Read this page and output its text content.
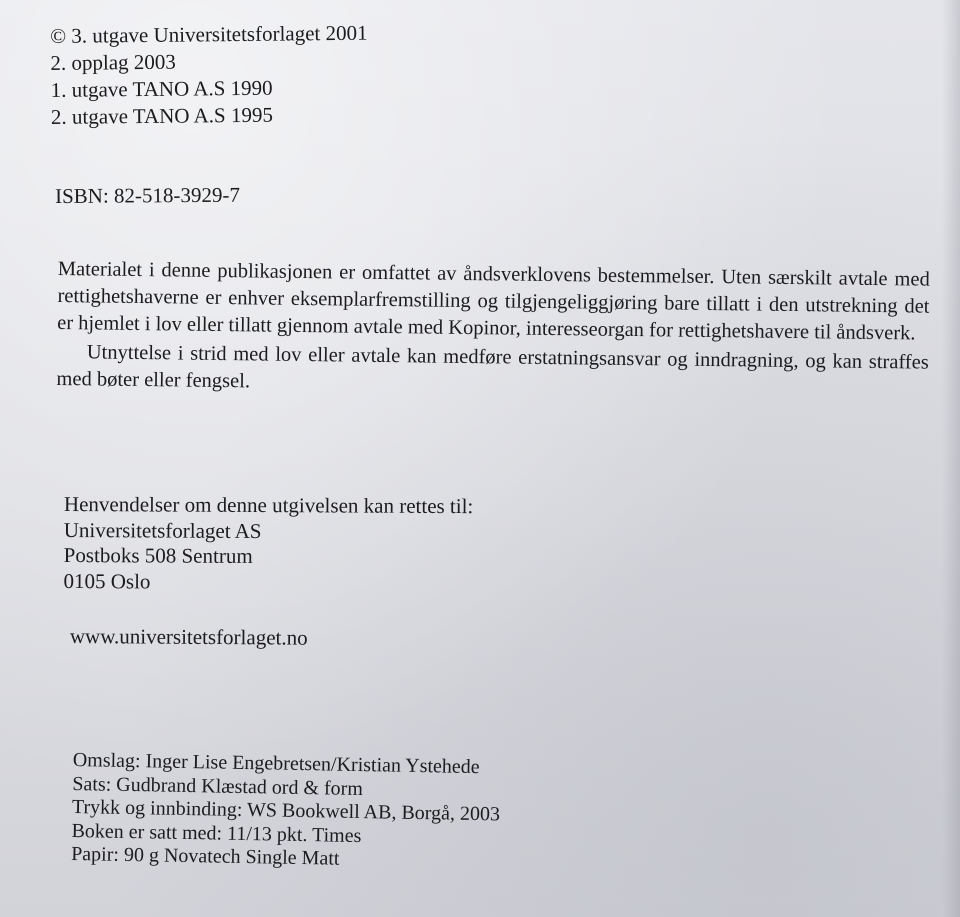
© 3. utgave Universitetsforlaget 2001
2. opplag 2003
1. utgave TANO A.S 1990
2. utgave TANO A.S 1995
ISBN: 82-518-3929-7

Materialet i denne publikasjonen er omfattet av åndsverklovens bestemmelser. Uten særskilt avtale med rettighetshaverne er enhver eksemplarfremstilling og tilgjengeliggjøring bare tillatt i den utstrekning det er hjemlet i lov eller tillatt gjennom avtale med Kopinor, interesseorgan for rettighetshavere til åndsverk.

Utnyttelse i strid med lov eller avtale kan medføre erstatningsansvar og inndragning, og kan straffes med bøter eller fengsel.

Henvendelser om denne utgivelsen kan rettes til:
Universitetsforlaget AS
Postboks 508 Sentrum
0105 Oslo
www.universitetsforlaget.no
Omslag: Inger Lise Engebretsen/Kristian Ystehede
Sats: Gudbrand Klæstad ord & form
Trykk og innbinding: WS Bookwell AB, Borgå, 2003
Boken er satt med: 11/13 pkt. Times
Papir: 90 g Novatech Single Matt
